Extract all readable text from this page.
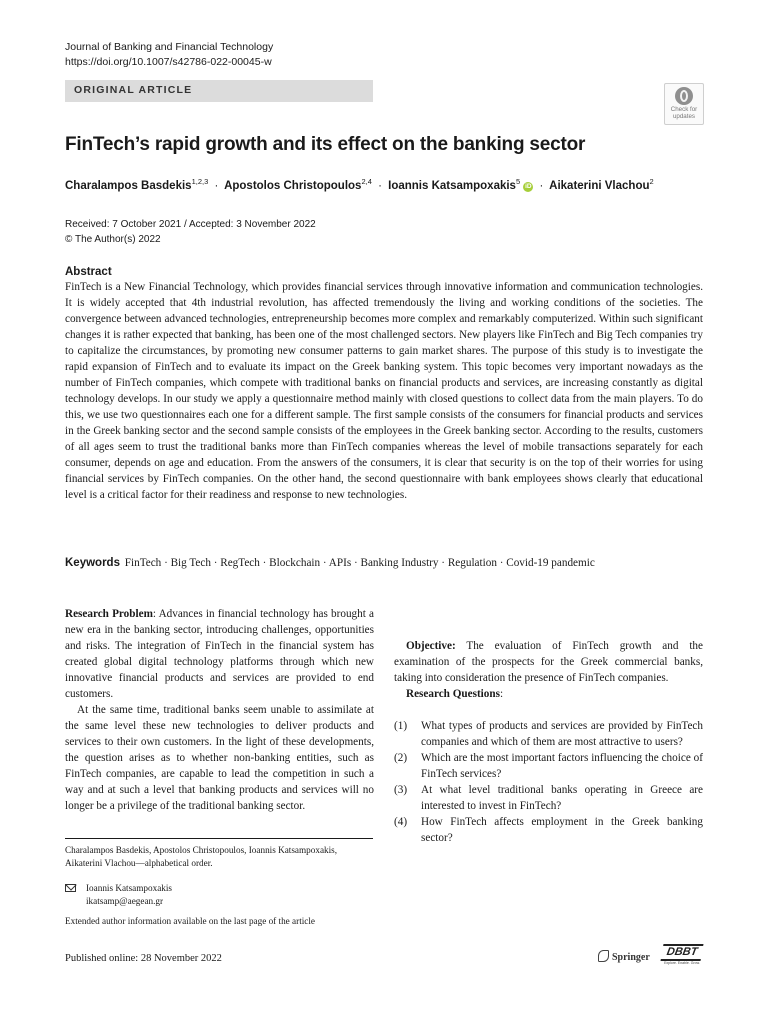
Journal of Banking and Financial Technology
https://doi.org/10.1007/s42786-022-00045-w
ORIGINAL ARTICLE
Check for
updates
FinTech’s rapid growth and its effect on the banking sector
Charalampos Basdekis$^{1,2,3}$ · Apostolos Christopoulos$^{2,4}$ · Ioannis Katsampoxakis$^5$ iD · Aikaterini Vlachou$^2$
Received: 7 October 2021 / Accepted: 3 November 2022
© The Author(s) 2022
Abstract

FinTech is a New Financial Technology, which provides financial services through innovative information and communication technologies. It is widely accepted that 4th industrial revolution, has affected tremendously the living and working conditions of the societies. The convergence between advanced technologies, entrepreneurship becomes more complex and remarkably computerized. Within such significant changes it is rather expected that banking, has been one of the most challenged sectors. New players like FinTech and Big Tech companies try to capitalize the circumstances, by promoting new consumer patterns to gain market shares. The purpose of this study is to investigate the rapid expansion of FinTech and to evaluate its impact on the Greek banking system. This topic becomes very important nowadays as the number of FinTech companies, which compete with traditional banks on financial products and services, are increasing constantly as digital technology develops. In our study we apply a questionnaire method mainly with closed questions to collect data from the main players. To do this, we use two questionnaires each one for a different sample. The first sample consists of the consumers for financial products and services in the Greek banking sector and the second sample consists of the employees in the Greek banking sector. According to the results, customers of all ages seem to trust the traditional banks more than FinTech companies whereas the level of mobile transactions separately for each consumer, depends on age and education. From the answers of the consumers, it is clear that security is on the top of their worries for using financial services by FinTech companies. On the other hand, the second questionnaire with bank employees shows clearly that educational level is a critical factor for their readiness and response to new technologies.

Keywords FinTech · Big Tech · RegTech · Blockchain · APIs · Banking Industry · Regulation · Covid-19 pandemic

Research Problem: Advances in financial technology has brought a new era in the banking sector, introducing challenges, opportunities and risks. The integration of FinTech in the financial system has created global digital technology platforms through which new innovative financial products and services are provided to end customers.

At the same time, traditional banks seem unable to assimilate at the same level these new technologies to deliver products and services to their own customers. In the light of these developments, the question arises as to whether non-banking entities, such as FinTech companies, are capable to lead the competition in such a way and at such a level that banking products and services will no longer be a privilege of the traditional banking sector.

Objective: The evaluation of FinTech growth and the examination of the prospects for the Greek commercial banks, taking into consideration the presence of FinTech companies.

Research Questions:

(1) What types of products and services are provided by FinTech companies and which of them are most attractive to users?
(2) Which are the most important factors influencing the choice of FinTech services?
(3) At what level traditional banks operating in Greece are interested to invest in FinTech?
(4) How FinTech affects employment in the Greek banking sector?
Charalampos Basdekis, Apostolos Christopoulos, Ioannis Katsampoxakis, Aikaterini Vlachou—alphabetical order.
Ioannis Katsampoxakis
ikatsamp@aegean.gr
Extended author information available on the last page of the article
Published online: 28 November 2022	Springer	DBBT
Explore. Enable. Grow.
